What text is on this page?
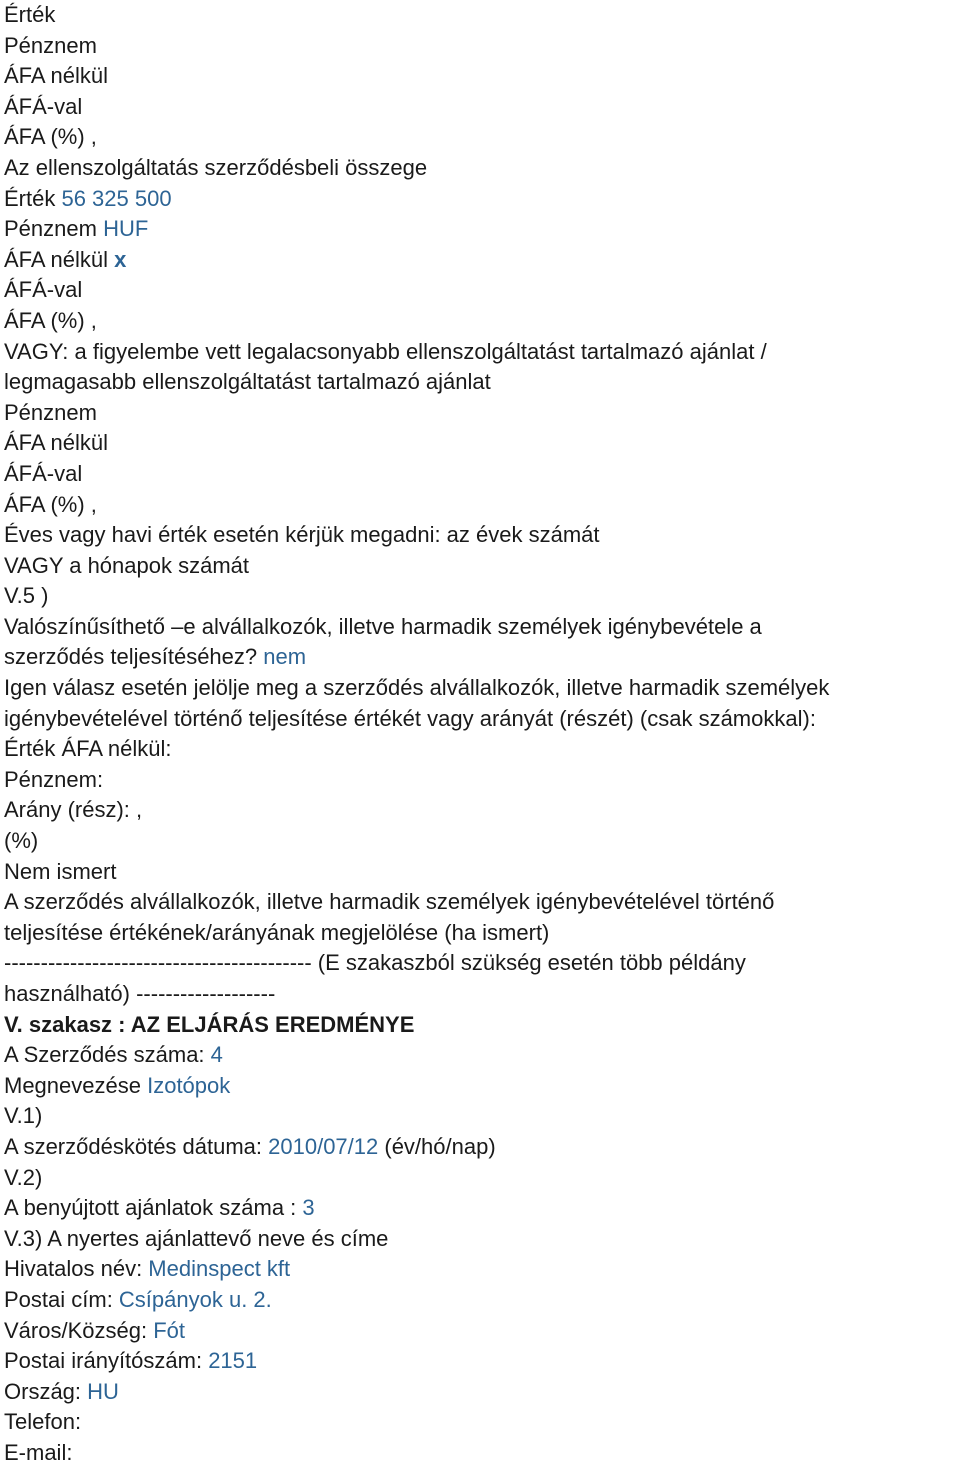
Érték
Pénznem
ÁFA nélkül
ÁFÁ-val
ÁFA (%) ,
Az ellenszolgáltatás szerződésbeli összege
Érték 56 325 500
Pénznem HUF
ÁFA nélkül x
ÁFÁ-val
ÁFA (%) ,
VAGY: a figyelembe vett legalacsonyabb ellenszolgáltatást tartalmazó ajánlat /
legmagasabb ellenszolgáltatást tartalmazó ajánlat
Pénznem
ÁFA nélkül
ÁFÁ-val
ÁFA (%) ,
Éves vagy havi érték esetén kérjük megadni: az évek számát
VAGY a hónapok számát
V.5 )
Valószínűsíthető –e alvállalkozók, illetve harmadik személyek igénybevétele a
szerződés teljesítéséhez? nem
Igen válasz esetén jelölje meg a szerződés alvállalkozók, illetve harmadik személyek
igénybevételével történő teljesítése értékét vagy arányát (részét) (csak számokkal):
Érték ÁFA nélkül:
Pénznem:
Arány (rész): ,
(%)
Nem ismert
A szerződés alvállalkozók, illetve harmadik személyek igénybevételével történő
teljesítése értékének/arányának megjelölése (ha ismert)
------------------------------------------ (E szakaszból szükség esetén több példány
használható) -------------------
V. szakasz : AZ ELJÁRÁS EREDMÉNYE
A Szerződés száma: 4
Megnevezése Izotópok
V.1)
A szerződéskötés dátuma: 2010/07/12 (év/hó/nap)
V.2)
A benyújtott ajánlatok száma : 3
V.3) A nyertes ajánlattevő neve és címe
Hivatalos név: Medinspect kft
Postai cím: Csípányok u. 2.
Város/Község: Fót
Postai irányítószám: 2151
Ország: HU
Telefon:
E-mail:
